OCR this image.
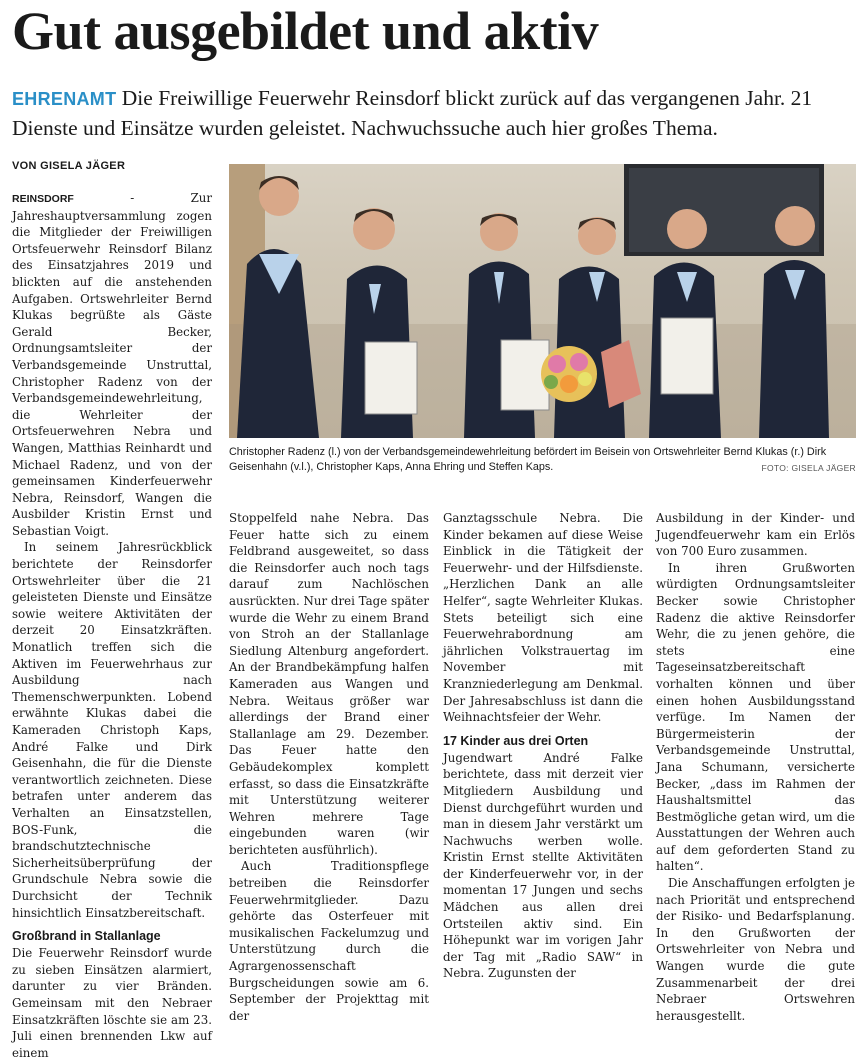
Gut ausgebildet und aktiv

EHRENAMT Die Freiwillige Feuerwehr Reinsdorf blickt zurück auf das vergangenen Jahr. 21 Dienste und Einsätze wurden geleistet. Nachwuchssuche auch hier großes Thema.

VON GISELA JÄGER

REINSDORF - Zur Jahreshauptversammlung zogen die Mitglieder der Freiwilligen Ortsfeuerwehr Reinsdorf Bilanz des Einsatzjahres 2019 und blickten auf die anstehenden Aufgaben. Ortswehrleiter Bernd Klukas begrüßte als Gäste Gerald Becker, Ordnungsamtsleiter der Verbandsgemeinde Unstruttal, Christopher Radenz von der Verbandsgemeindewehrleitung, die Wehrleiter der Ortsfeuerwehren Nebra und Wangen, Matthias Reinhardt und Michael Radenz, und von der gemeinsamen Kinderfeuerwehr Nebra, Reinsdorf, Wangen die Ausbilder Kristin Ernst und Sebastian Voigt.

In seinem Jahresrückblick berichtete der Reinsdorfer Ortswehrleiter über die 21 geleisteten Dienste und Einsätze sowie weitere Aktivitäten der derzeit 20 Einsatzkräften. Monatlich treffen sich die Aktiven im Feuerwehrhaus zur Ausbildung nach Themenschwerpunkten. Lobend erwähnte Klukas dabei die Kameraden Christoph Kaps, André Falke und Dirk Geisenhahn, die für die Dienste verantwortlich zeichneten. Diese betrafen unter anderem das Verhalten an Einsatzstellen, BOS-Funk, die brandschutztechnische Sicherheitsüberprüfung der Grundschule Nebra sowie die Durchsicht der Technik hinsichtlich Einsatzbereitschaft.

Großbrand in Stallanlage

Die Feuerwehr Reinsdorf wurde zu sieben Einsätzen alarmiert, darunter zu vier Bränden. Gemeinsam mit den Nebraer Einsatzkräften löschte sie am 23. Juli einen brennenden Lkw auf einem

Christopher Radenz (l.) von der Verbandsgemeindewehrleitung befördert im Beisein von Ortswehrleiter Bernd Klukas (r.) Dirk Geisenhahn (v.l.), Christopher Kaps, Anna Ehring und Steffen Kaps.	FOTO: GISELA JÄGER

Stoppelfeld nahe Nebra. Das Feuer hatte sich zu einem Feldbrand ausgeweitet, so dass die Reinsdorfer auch noch tags darauf zum Nachlöschen ausrückten. Nur drei Tage später wurde die Wehr zu einem Brand von Stroh an der Stallanlage Siedlung Altenburg angefordert. An der Brandbekämpfung halfen Kameraden aus Wangen und Nebra. Weitaus größer war allerdings der Brand einer Stallanlage am 29. Dezember. Das Feuer hatte den Gebäudekomplex komplett erfasst, so dass die Einsatzkräfte mit Unterstützung weiterer Wehren mehrere Tage eingebunden waren (wir berichteten ausführlich).

Auch Traditionspflege betreiben die Reinsdorfer Feuerwehrmitglieder. Dazu gehörte das Osterfeuer mit musikalischen Fackelumzug und Unterstützung durch die Agrargenossenschaft Burgscheidungen sowie am 6. September der Projekttag mit der

Ganztagsschule Nebra. Die Kinder bekamen auf diese Weise Einblick in die Tätigkeit der Feuerwehr- und der Hilfsdienste. „Herzlichen Dank an alle Helfer“, sagte Wehrleiter Klukas. Stets beteiligt sich eine Feuerwehrabordnung am jährlichen Volkstrauertag im November mit Kranzniederlegung am Denkmal. Der Jahresabschluss ist dann die Weihnachtsfeier der Wehr.

17 Kinder aus drei Orten

Jugendwart André Falke berichtete, dass mit derzeit vier Mitgliedern Ausbildung und Dienst durchgeführt wurden und man in diesem Jahr verstärkt um Nachwuchs werben wolle. Kristin Ernst stellte Aktivitäten der Kinderfeuerwehr vor, in der momentan 17 Jungen und sechs Mädchen aus allen drei Ortsteilen aktiv sind. Ein Höhepunkt war im vorigen Jahr der Tag mit „Radio SAW“ in Nebra. Zugunsten der

Ausbildung in der Kinder- und Jugendfeuerwehr kam ein Erlös von 700 Euro zusammen.

In ihren Grußworten würdigten Ordnungsamtsleiter Becker sowie Christopher Radenz die aktive Reinsdorfer Wehr, die zu jenen gehöre, die stets eine Tageseinsatzbereitschaft vorhalten können und über einen hohen Ausbildungsstand verfüge. Im Namen der Bürgermeisterin der Verbandsgemeinde Unstruttal, Jana Schumann, versicherte Becker, „dass im Rahmen der Haushaltsmittel das Bestmögliche getan wird, um die Ausstattungen der Wehren auch auf dem geforderten Stand zu halten“.

Die Anschaffungen erfolgten je nach Priorität und entsprechend der Risiko- und Bedarfsplanung. In den Grußworten der Ortswehrleiter von Nebra und Wangen wurde die gute Zusammenarbeit der drei Nebraer Ortswehren herausgestellt.
